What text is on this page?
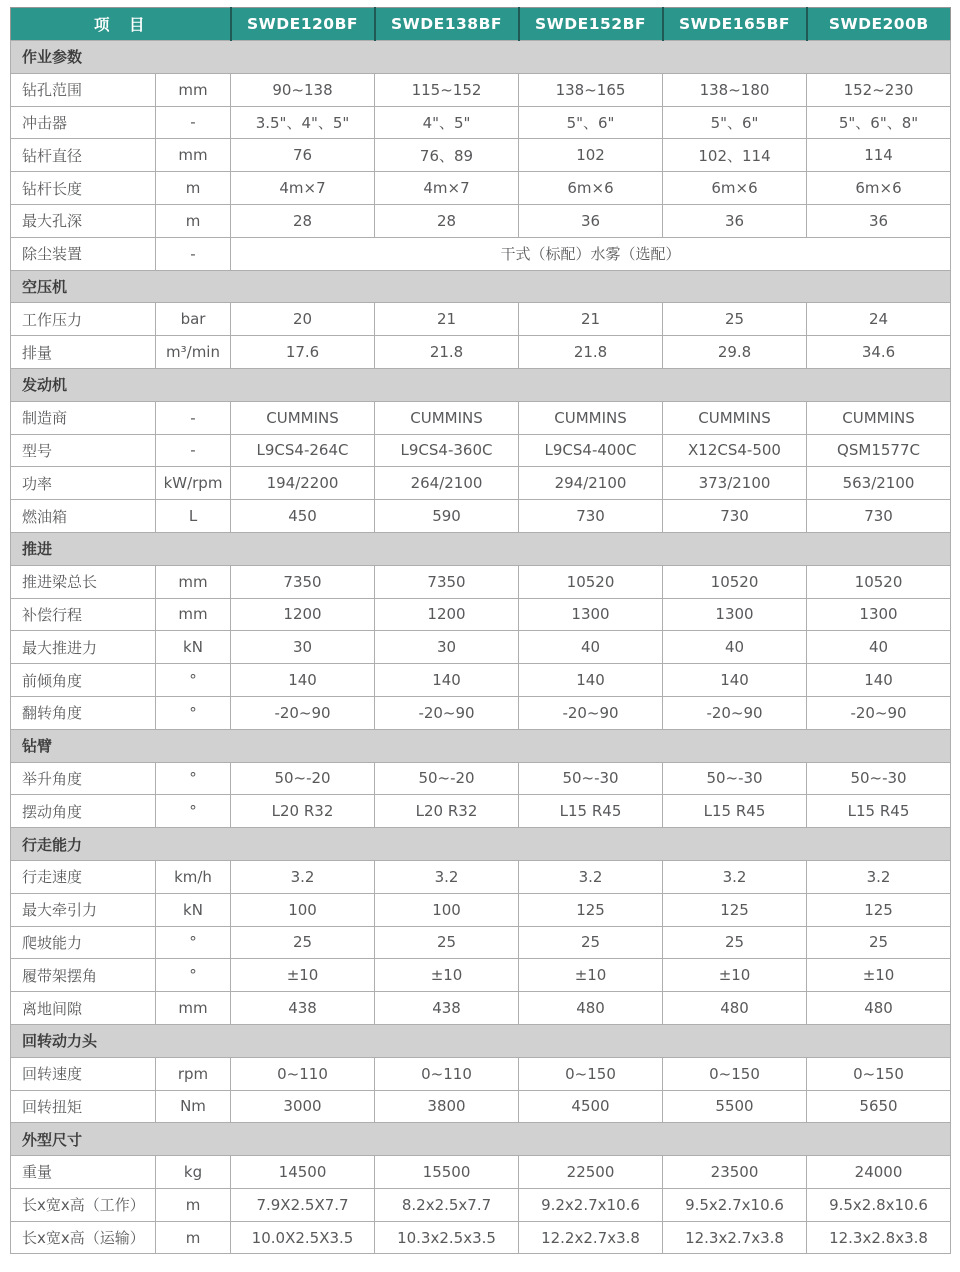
项　目		SWDE120BF	SWDE138BF	SWDE152BF	SWDE165BF	SWDE200B
作业参数						
钻孔范围	mm	90~138	115~152	138~165	138~180	152~230
冲击器	-	3.5"、4"、5"	4"、5"	5"、6"	5"、6"	5"、6"、8"
钻杆直径	mm	76	76、89	102	102、114	114
钻杆长度	m	4m×7	4m×7	6m×6	6m×6	6m×6
最大孔深	m	28	28	36	36	36
除尘装置	-	干式（标配）水雾（选配）				
空压机						
工作压力	bar	20	21	21	25	24
排量	m³/min	17.6	21.8	21.8	29.8	34.6
发动机						
制造商	-	CUMMINS	CUMMINS	CUMMINS	CUMMINS	CUMMINS
型号	-	L9CS4-264C	L9CS4-360C	L9CS4-400C	X12CS4-500	QSM1577C
功率	kW/rpm	194/2200	264/2100	294/2100	373/2100	563/2100
燃油箱	L	450	590	730	730	730
推进						
推进梁总长	mm	7350	7350	10520	10520	10520
补偿行程	mm	1200	1200	1300	1300	1300
最大推进力	kN	30	30	40	40	40
前倾角度	°	140	140	140	140	140
翻转角度	°	-20~90	-20~90	-20~90	-20~90	-20~90
钻臂						
举升角度	°	50~-20	50~-20	50~-30	50~-30	50~-30
摆动角度	°	L20 R32	L20 R32	L15 R45	L15 R45	L15 R45
行走能力						
行走速度	km/h	3.2	3.2	3.2	3.2	3.2
最大牵引力	kN	100	100	125	125	125
爬坡能力	°	25	25	25	25	25
履带架摆角	°	±10	±10	±10	±10	±10
离地间隙	mm	438	438	480	480	480
回转动力头						
回转速度	rpm	0~110	0~110	0~150	0~150	0~150
回转扭矩	Nm	3000	3800	4500	5500	5650
外型尺寸						
重量	kg	14500	15500	22500	23500	24000
长x宽x高（工作）	m	7.9X2.5X7.7	8.2x2.5x7.7	9.2x2.7x10.6	9.5x2.7x10.6	9.5x2.8x10.6
长x宽x高（运输）	m	10.0X2.5X3.5	10.3x2.5x3.5	12.2x2.7x3.8	12.3x2.7x3.8	12.3x2.8x3.8
